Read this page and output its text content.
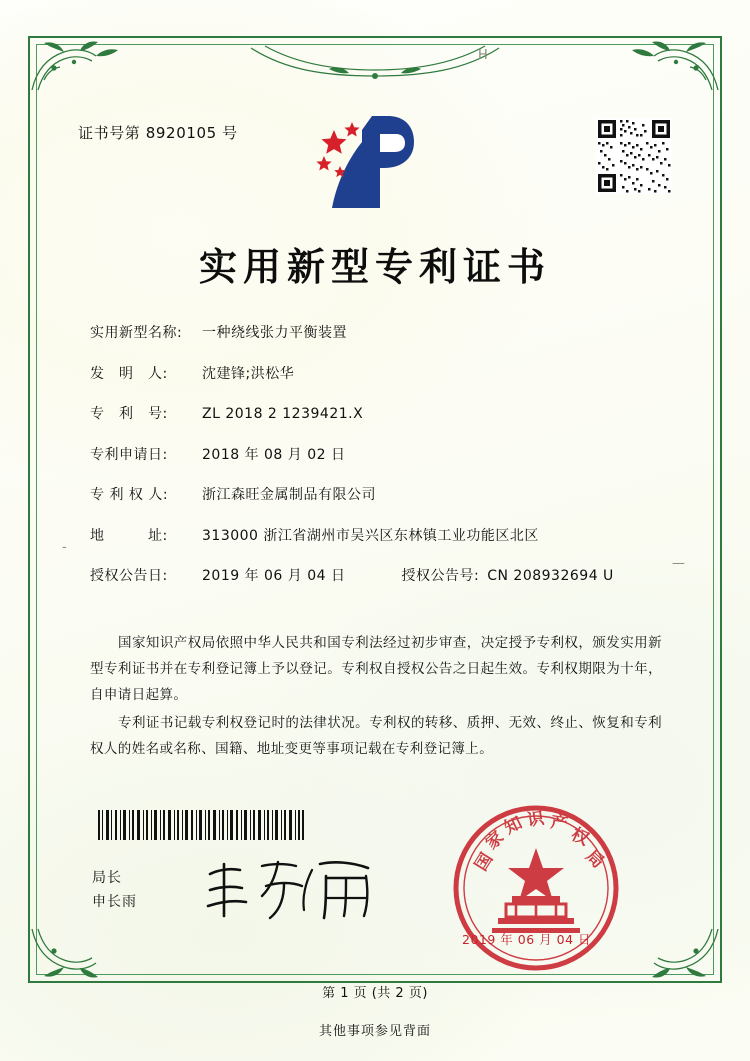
H
-
—
证书号第 8920105 号
实用新型专利证书
实用新型名称:	一种绕线张力平衡装置
发　明　人:	沈建锋;洪松华
专　利　号:	ZL 2018 2 1239421.X
专利申请日:	2018 年 08 月 02 日
专 利 权 人:	浙江森旺金属制品有限公司
地　　　址:	313000 浙江省湖州市吴兴区东林镇工业功能区北区
授权公告日:	2019 年 06 月 04 日	授权公告号: CN 208932694 U

国家知识产权局依照中华人民共和国专利法经过初步审查，决定授予专利权，颁发实用新型专利证书并在专利登记簿上予以登记。专利权自授权公告之日起生效。专利权期限为十年，自申请日起算。

专利证书记载专利权登记时的法律状况。专利权的转移、质押、无效、终止、恢复和专利权人的姓名或名称、国籍、地址变更等事项记载在专利登记簿上。

局长
申长雨
国
家
知 识 产
权
局
2019 年 06 月 04 日
第 1 页 (共 2 页)
其他事项参见背面
